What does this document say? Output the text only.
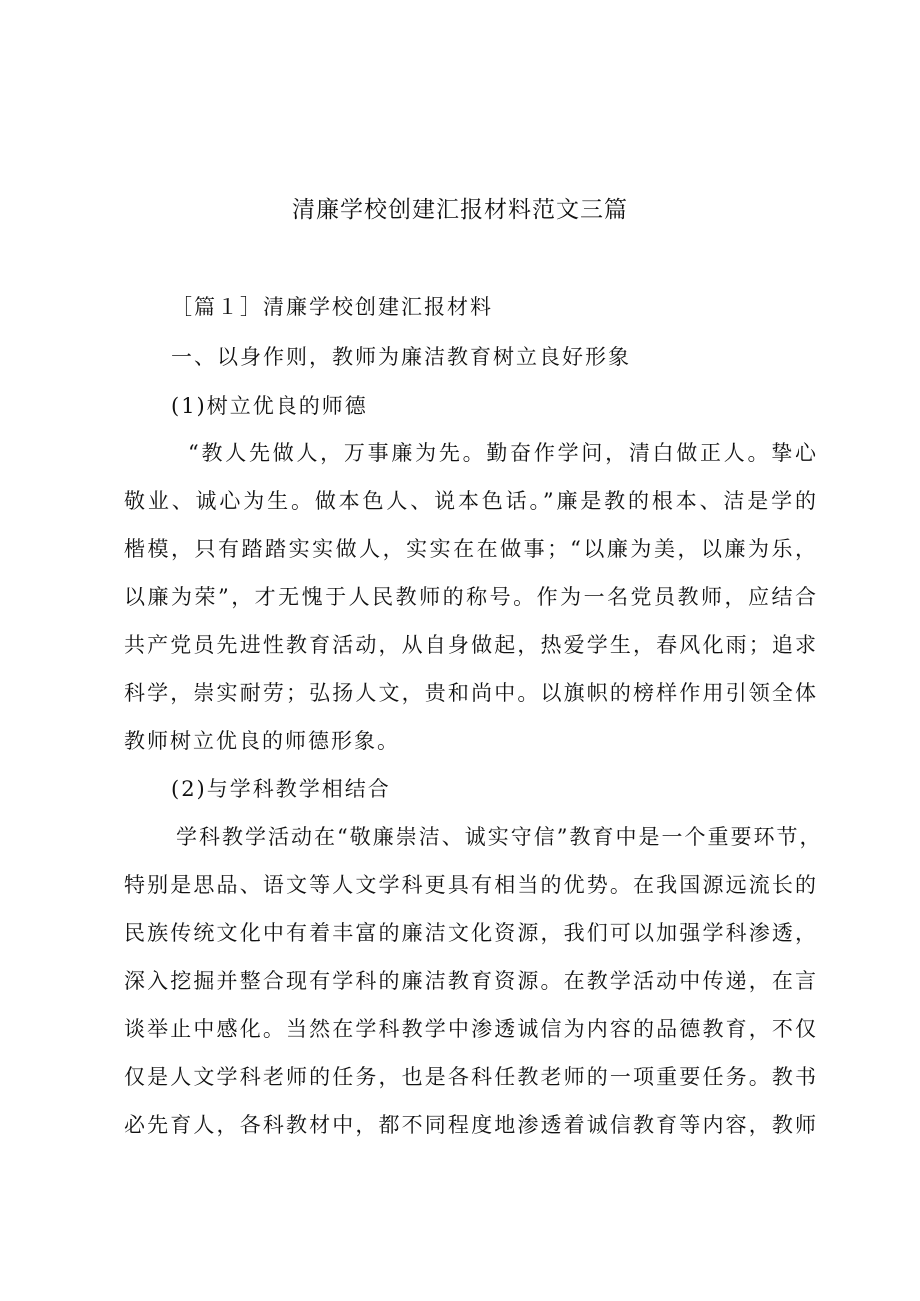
清廉学校创建汇报材料范文三篇
［篇１］清廉学校创建汇报材料
一、以身作则，教师为廉洁教育树立良好形象
(1)树立优良的师德
“教人先做人，万事廉为先。勤奋作学问，清白做正人。挚心
敬业、诚心为生。做本色人、说本色话。”廉是教的根本、洁是学的
楷模，只有踏踏实实做人，实实在在做事；“以廉为美，以廉为乐，
以廉为荣”，才无愧于人民教师的称号。作为一名党员教师，应结合
共产党员先进性教育活动，从自身做起，热爱学生，春风化雨；追求
科学，崇实耐劳；弘扬人文，贵和尚中。以旗帜的榜样作用引领全体
教师树立优良的师德形象。
(2)与学科教学相结合
学科教学活动在“敬廉崇洁、诚实守信”教育中是一个重要环节，
特别是思品、语文等人文学科更具有相当的优势。在我国源远流长的
民族传统文化中有着丰富的廉洁文化资源，我们可以加强学科渗透，
深入挖掘并整合现有学科的廉洁教育资源。在教学活动中传递，在言
谈举止中感化。当然在学科教学中渗透诚信为内容的品德教育，不仅
仅是人文学科老师的任务，也是各科任教老师的一项重要任务。教书
必先育人，各科教材中，都不同程度地渗透着诚信教育等内容，教师
